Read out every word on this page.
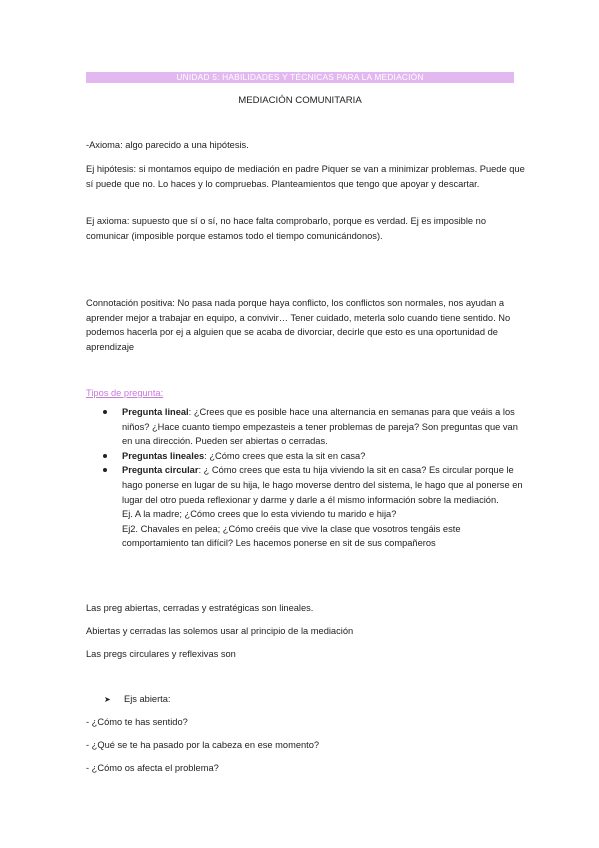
UNIDAD 5: HABILIDADES Y TÉCNICAS PARA LA MEDIACIÓN
MEDIACIÓN COMUNITARIA

-Axioma: algo parecido a una hipótesis.

Ej hipótesis: si montamos equipo de mediación en padre Piquer se van a minimizar problemas. Puede que sí puede que no. Lo haces y lo compruebas. Planteamientos que tengo que apoyar y descartar.

Ej axioma: supuesto que sí o sí, no hace falta comprobarlo, porque es verdad. Ej es imposible no comunicar (imposible porque estamos todo el tiempo comunicándonos).

Connotación positiva: No pasa nada porque haya conflicto, los conflictos son normales, nos ayudan a aprender mejor a trabajar en equipo, a convivir… Tener cuidado, meterla solo cuando tiene sentido. No podemos hacerla por ej a alguien que se acaba de divorciar, decirle que esto es una oportunidad de aprendizaje

Tipos de pregunta:

Pregunta lineal: ¿Crees que es posible hace una alternancia en semanas para que veáis a los niños? ¿Hace cuanto tiempo empezasteis a tener problemas de pareja? Son preguntas que van en una dirección. Pueden ser abiertas o cerradas.
Preguntas lineales: ¿Cómo crees que esta la sit en casa?
Pregunta circular: ¿ Cómo crees que esta tu hija viviendo la sit en casa? Es circular porque le hago ponerse en lugar de su hija, le hago moverse dentro del sistema, le hago que al ponerse en lugar del otro pueda reflexionar y darme y darle a él mismo información sobre la mediación.
Ej. A la madre; ¿Cómo crees que lo esta viviendo tu marido e hija?
Ej2. Chavales en pelea; ¿Cómo creéis que vive la clase que vosotros tengáis este comportamiento tan difícil? Les hacemos ponerse en sit de sus compañeros

Las preg abiertas, cerradas y estratégicas son lineales.

Abiertas y cerradas las solemos usar al principio de la mediación

Las pregs circulares y reflexivas son

➤ Ejs abierta:

- ¿Cómo te has sentido?

- ¿Qué se te ha pasado por la cabeza en ese momento?

- ¿Cómo os afecta el problema?
